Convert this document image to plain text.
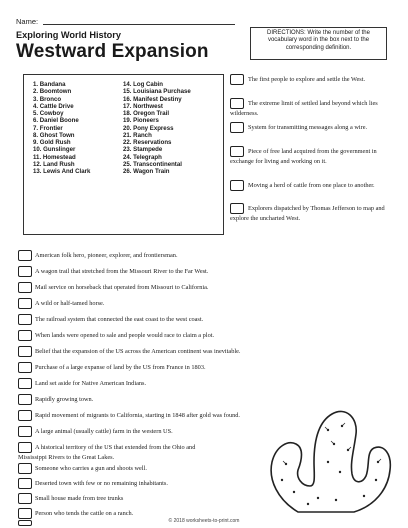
Name:
Exploring World History
Westward Expansion
DIRECTIONS: Write the number of the vocabulary word in the box next to the corresponding definition.
1. Bandana
2. Boomtown
3. Bronco
4. Cattle Drive
5. Cowboy
6. Daniel Boone
7. Frontier
8. Ghost Town
9. Gold Rush
10. Gunslinger
11. Homestead
12. Land Rush
13. Lewis And Clark
14. Log Cabin
15. Louisiana Purchase
16. Manifest Destiny
17. Northwest
18. Oregon Trail
19. Pioneers
20. Pony Express
21. Ranch
22. Reservations
23. Stampede
24. Telegraph
25. Transcontinental
26. Wagon Train
The first people to explore and settle the West.
The extreme limit of settled land beyond which lies wilderness.
System for transmitting messages along a wire.
Piece of free land acquired from the government in exchange for living and working on it.
Moving a herd of cattle from one place to another.
Explorers dispatched by Thomas Jefferson to map and explore the uncharted West.
American folk hero, pioneer, explorer, and frontiersman.
A wagon trail that stretched from the Missouri River to the Far West.
Mail service on horseback that operated from Missouri to California.
A wild or half-tamed horse.
The railroad system that connected the east coast to the west coast.
When lands were opened to sale and people would race to claim a plot.
Belief that the expansion of the US across the American continent was inevitable.
Purchase of a large expanse of land by the US from France in 1803.
Land set aside for Native American Indians.
Rapidly growing town.
Rapid movement of migrants to California, starting in 1848 after gold was found.
A large animal (usually cattle) farm in the western US.
A historical territory of the US that extended from the Ohio and Mississippi Rivers to the Great Lakes.
Someone who carries a gun and shoots well.
Deserted town with few or no remaining inhabitants.
Small house made from tree trunks
Person who tends the cattle on a ranch.
© 2018 worksheets-to-print.com
